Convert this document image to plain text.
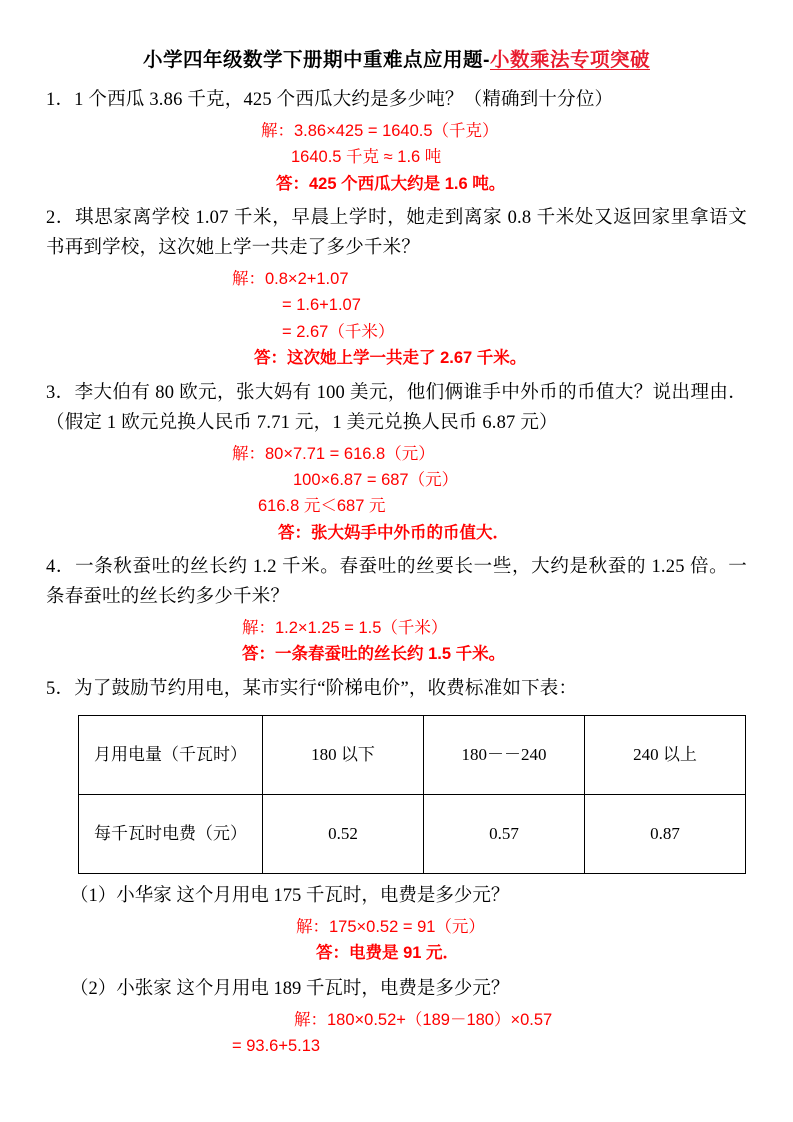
小学四年级数学下册期中重难点应用题-小数乘法专项突破

1．1 个西瓜 3.86 千克，425 个西瓜大约是多少吨？（精确到十分位）

解：3.86×425 = 1640.5（千克）
1640.5 千克 ≈ 1.6 吨
答：425 个西瓜大约是 1.6 吨。

2．琪思家离学校 1.07 千米，早晨上学时，她走到离家 0.8 千米处又返回家里拿语文书再到学校，这次她上学一共走了多少千米？

解：0.8×2+1.07
= 1.6+1.07
= 2.67（千米）
答：这次她上学一共走了 2.67 千米。

3．李大伯有 80 欧元，张大妈有 100 美元，他们俩谁手中外币的币值大？说出理由．（假定 1 欧元兑换人民币 7.71 元，1 美元兑换人民币 6.87 元）

解：80×7.71 = 616.8（元）
100×6.87 = 687（元）
616.8 元＜687 元
答：张大妈手中外币的币值大．

4．一条秋蚕吐的丝长约 1.2 千米。春蚕吐的丝要长一些，大约是秋蚕的 1.25 倍。一条春蚕吐的丝长约多少千米？

解：1.2×1.25 = 1.5（千米）
答：一条春蚕吐的丝长约 1.5 千米。

5．为了鼓励节约用电，某市实行“阶梯电价”，收费标准如下表：

月用电量（千瓦时）	180 以下	180－－240	240 以上
每千瓦时电费（元）	0.52	0.57	0.87

（1）小华家 这个月用电 175 千瓦时，电费是多少元？

解：175×0.52 = 91（元）
答：电费是 91 元．

（2）小张家 这个月用电 189 千瓦时，电费是多少元？

解：180×0.52+（189－180）×0.57
= 93.6+5.13
